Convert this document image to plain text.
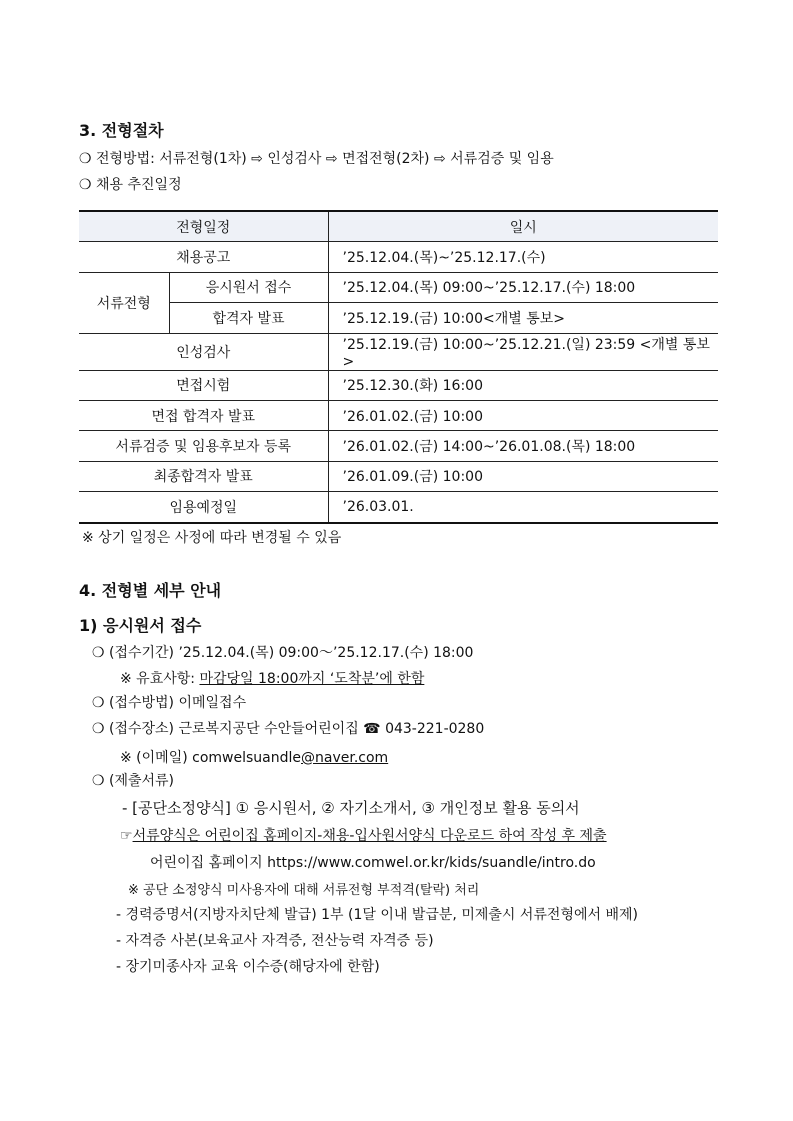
3. 전형절차
❍ 전형방법: 서류전형(1차) ⇨ 인성검사 ⇨ 면접전형(2차) ⇨ 서류검증 및 임용
❍ 채용 추진일정
전형일정		일시
채용공고		’25.12.04.(목)~’25.12.17.(수)
서류전형	응시원서 접수	’25.12.04.(목) 09:00~’25.12.17.(수) 18:00
	합격자 발표	’25.12.19.(금) 10:00<개별 통보>
인성검사		’25.12.19.(금) 10:00~’25.12.21.(일) 23:59 <개별 통보>
면접시험		’25.12.30.(화) 16:00
면접 합격자 발표		’26.01.02.(금) 10:00
서류검증 및 임용후보자 등록		’26.01.02.(금) 14:00~’26.01.08.(목) 18:00
최종합격자 발표		’26.01.09.(금) 10:00
임용예정일		’26.03.01.
※ 상기 일정은 사정에 따라 변경될 수 있음
4. 전형별 세부 안내
1) 응시원서 접수
❍ (접수기간) ’25.12.04.(목) 09:00～’25.12.17.(수) 18:00
※ 유효사항: 마감당일 18:00까지 ‘도착분’에 한함
❍ (접수방법) 이메일접수
❍ (접수장소) 근로복지공단 수안들어린이집 ☎ 043-221-0280
※ (이메일) comwelsuandle@naver.com
❍ (제출서류)
- [공단소정양식] ① 응시원서, ② 자기소개서, ③ 개인정보 활용 동의서
☞서류양식은 어린이집 홈페이지-채용-입사원서양식 다운로드 하여 작성 후 제출
어린이집 홈페이지 https://www.comwel.or.kr/kids/suandle/intro.do
※ 공단 소정양식 미사용자에 대해 서류전형 부적격(탈락) 처리
- 경력증명서(지방자치단체 발급) 1부 (1달 이내 발급분, 미제출시 서류전형에서 배제)
- 자격증 사본(보육교사 자격증, 전산능력 자격증 등)
- 장기미종사자 교육 이수증(해당자에 한함)
